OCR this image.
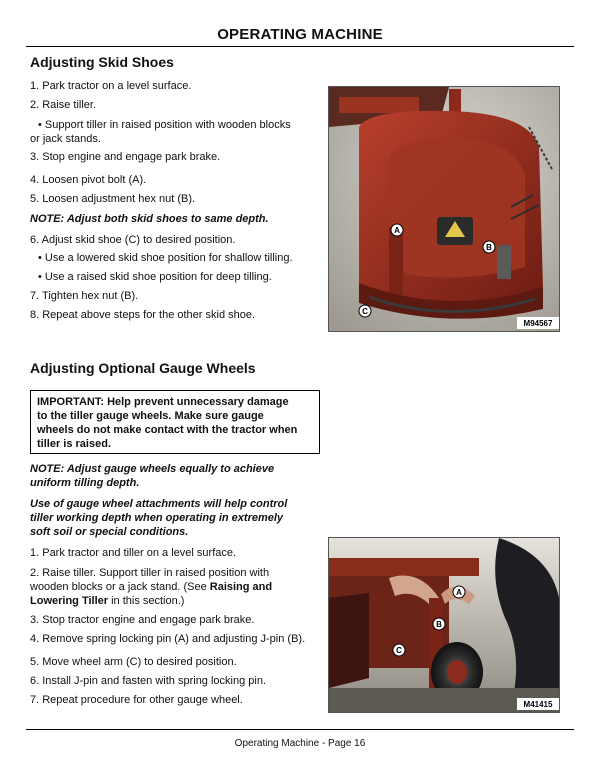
OPERATING MACHINE
Adjusting Skid Shoes
1. Park tractor on a level surface.
2. Raise tiller.
• Support tiller in raised position with wooden blocks
or jack stands.
3. Stop engine and engage park brake.
4. Loosen pivot bolt (A).
5. Loosen adjustment hex nut (B).
NOTE: Adjust both skid shoes to same depth.
6. Adjust skid shoe (C) to desired position.
• Use a lowered skid shoe position for shallow tilling.
• Use a raised skid shoe position for deep tilling.
7. Tighten hex nut (B).
8. Repeat above steps for the other skid shoe.
A
B
C
M94567
Adjusting Optional Gauge Wheels
IMPORTANT: Help prevent unnecessary damage
to the tiller gauge wheels. Make sure gauge
wheels do not make contact with the tractor when
tiller is raised.
NOTE: Adjust gauge wheels equally to achieve
uniform tilling depth.
Use of gauge wheel attachments will help control
tiller working depth when operating in extremely
soft soil or special conditions.
1. Park tractor and tiller on a level surface.
2. Raise tiller. Support tiller in raised position with
wooden blocks or a jack stand. (See Raising and
Lowering Tiller in this section.)
3. Stop tractor engine and engage park brake.
4. Remove spring locking pin (A) and adjusting J-pin (B).
5. Move wheel arm (C) to desired position.
6. Install J-pin and fasten with spring locking pin.
7. Repeat procedure for other gauge wheel.
A
B
C
M41415
Operating Machine - Page 16
